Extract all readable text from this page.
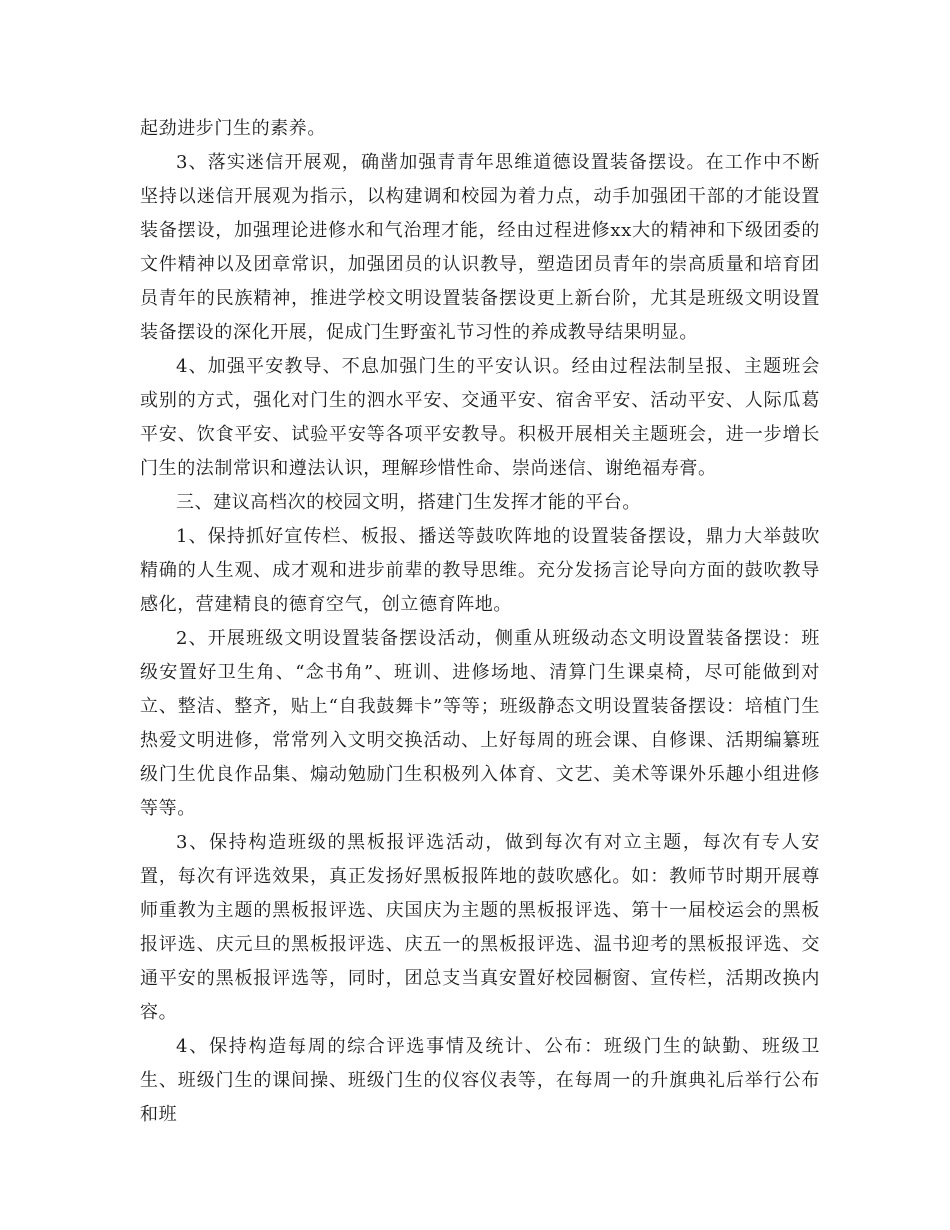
起劲进步门生的素养。

3、落实迷信开展观，确凿加强青青年思维道德设置装备摆设。在工作中不断坚持以迷信开展观为指示，以构建调和校园为着力点，动手加强团干部的才能设置装备摆设，加强理论进修水和气治理才能，经由过程进修xx大的精神和下级团委的文件精神以及团章常识，加强团员的认识教导，塑造团员青年的崇高质量和培育团员青年的民族精神，推进学校文明设置装备摆设更上新台阶，尤其是班级文明设置装备摆设的深化开展，促成门生野蛮礼节习性的养成教导结果明显。

4、加强平安教导、不息加强门生的平安认识。经由过程法制呈报、主题班会或别的方式，强化对门生的泗水平安、交通平安、宿舍平安、活动平安、人际瓜葛平安、饮食平安、试验平安等各项平安教导。积极开展相关主题班会，进一步增长门生的法制常识和遵法认识，理解珍惜性命、崇尚迷信、谢绝福寿膏。

三、建议高档次的校园文明，搭建门生发挥才能的平台。

1、保持抓好宣传栏、板报、播送等鼓吹阵地的设置装备摆设，鼎力大举鼓吹精确的人生观、成才观和进步前辈的教导思维。充分发扬言论导向方面的鼓吹教导感化，营建精良的德育空气，创立德育阵地。

2、开展班级文明设置装备摆设活动，侧重从班级动态文明设置装备摆设：班级安置好卫生角、“念书角”、班训、进修场地、清算门生课桌椅，尽可能做到对立、整洁、整齐，贴上“自我鼓舞卡”等等；班级静态文明设置装备摆设：培植门生热爱文明进修，常常列入文明交换活动、上好每周的班会课、自修课、活期编纂班级门生优良作品集、煽动勉励门生积极列入体育、文艺、美术等课外乐趣小组进修等等。

3、保持构造班级的黑板报评选活动，做到每次有对立主题，每次有专人安置，每次有评选效果，真正发扬好黑板报阵地的鼓吹感化。如：教师节时期开展尊师重教为主题的黑板报评选、庆国庆为主题的黑板报评选、第十一届校运会的黑板报评选、庆元旦的黑板报评选、庆五一的黑板报评选、温书迎考的黑板报评选、交通平安的黑板报评选等，同时，团总支当真安置好校园橱窗、宣传栏，活期改换内容。

4、保持构造每周的综合评选事情及统计、公布：班级门生的缺勤、班级卫生、班级门生的课间操、班级门生的仪容仪表等，在每周一的升旗典礼后举行公布和班
